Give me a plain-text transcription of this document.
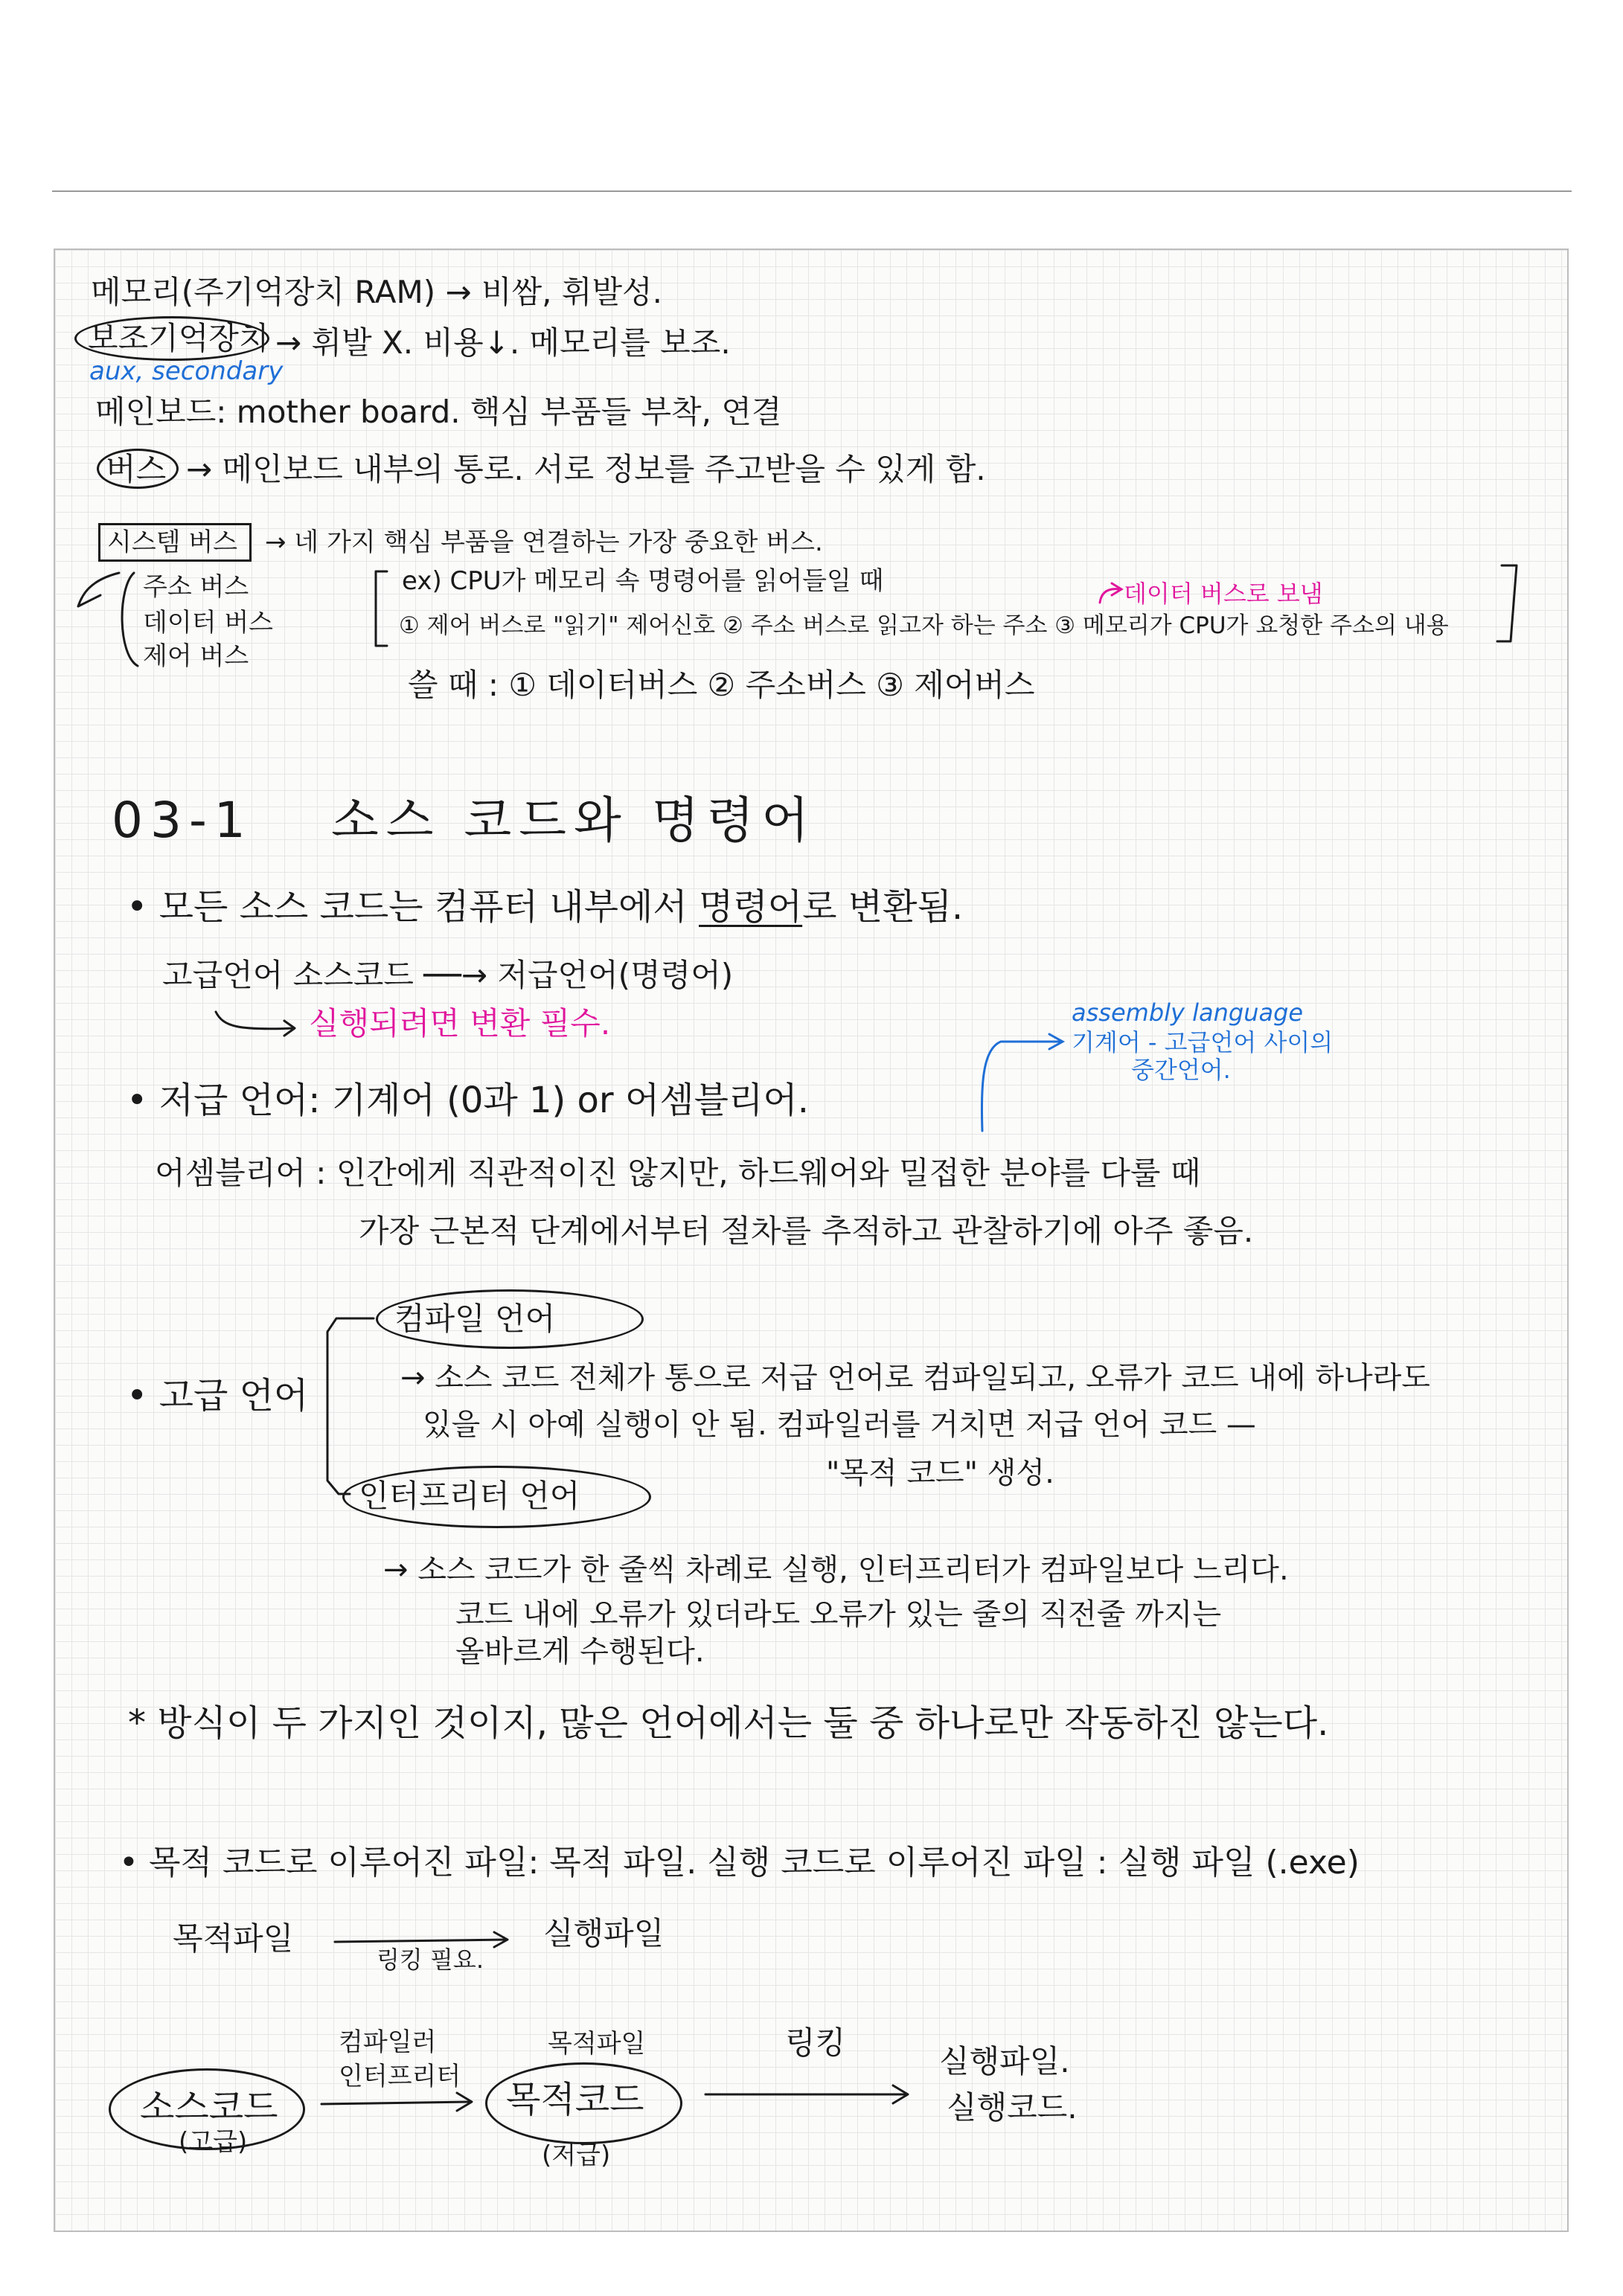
메모리(주기억장치 RAM) → 비쌈, 휘발성.
보조기억장치 → 휘발 X. 비용↓. 메모리를 보조.
aux, secondary
메인보드: mother board. 핵심 부품들 부착, 연결
버스 → 메인보드 내부의 통로. 서로 정보를 주고받을 수 있게 함.
시스템 버스 → 네 가지 핵심 부품을 연결하는 가장 중요한 버스.
주소 버스
데이터 버스
제어 버스
ex) CPU가 메모리 속 명령어를 읽어들일 때	데이터 버스로 보냄
① 제어 버스로 "읽기" 제어신호 ② 주소 버스로 읽고자 하는 주소 ③ 메모리가 CPU가 요청한 주소의 내용
쓸 때 : ① 데이터버스 ② 주소버스 ③ 제어버스
03-1 소스 코드와 명령어
• 모든 소스 코드는 컴퓨터 내부에서 명령어로 변환됨.
고급언어 소스코드 ──→ 저급언어(명령어)
실행되려면 변환 필수.	assembly language
기계어 - 고급언어 사이의
중간언어.
• 저급 언어: 기계어 (0과 1) or 어셈블리어.
어셈블리어 : 인간에게 직관적이진 않지만, 하드웨어와 밀접한 분야를 다룰 때
가장 근본적 단계에서부터 절차를 추적하고 관찰하기에 아주 좋음.
• 고급 언어
컴파일 언어
→ 소스 코드 전체가 통으로 저급 언어로 컴파일되고, 오류가 코드 내에 하나라도
있을 시 아예 실행이 안 됨. 컴파일러를 거치면 저급 언어 코드 —
"목적 코드" 생성.
인터프리터 언어
→ 소스 코드가 한 줄씩 차례로 실행, 인터프리터가 컴파일보다 느리다.
코드 내에 오류가 있더라도 오류가 있는 줄의 직전줄 까지는
올바르게 수행된다.
* 방식이 두 가지인 것이지, 많은 언어에서는 둘 중 하나로만 작동하진 않는다.
• 목적 코드로 이루어진 파일: 목적 파일. 실행 코드로 이루어진 파일 : 실행 파일 (.exe)
목적파일	실행파일
링킹 필요.
소스코드
(고급)
컴파일러
인터프리터
목적파일
목적코드
(저급)
링킹
실행파일.
실행코드.
